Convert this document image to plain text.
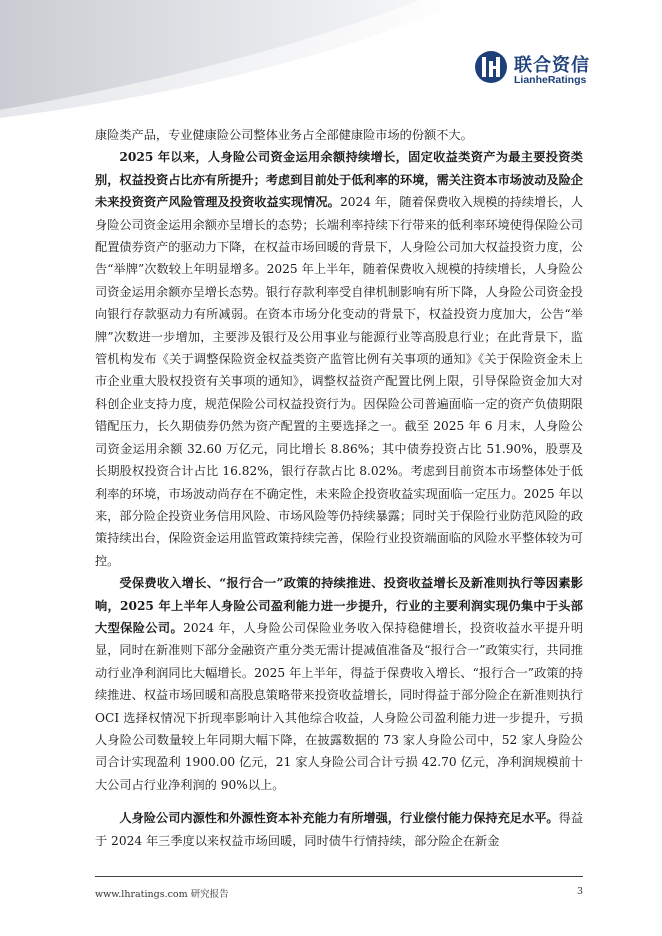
联合资信
LianheRatings

康险类产品，专业健康险公司整体业务占全部健康险市场的份额不大。

2025 年以来，人身险公司资金运用余额持续增长，固定收益类资产为最主要投资类别，权益投资占比亦有所提升；考虑到目前处于低利率的环境，需关注资本市场波动及险企未来投资资产风险管理及投资收益实现情况。2024 年，随着保费收入规模的持续增长，人身险公司资金运用余额亦呈增长的态势；长端利率持续下行带来的低利率环境使得保险公司配置债券资产的驱动力下降，在权益市场回暖的背景下，人身险公司加大权益投资力度，公告“举牌”次数较上年明显增多。2025 年上半年，随着保费收入规模的持续增长，人身险公司资金运用余额亦呈增长态势。银行存款利率受自律机制影响有所下降，人身险公司资金投向银行存款驱动力有所减弱。在资本市场分化变动的背景下，权益投资力度加大，公告“举牌”次数进一步增加，主要涉及银行及公用事业与能源行业等高股息行业；在此背景下，监管机构发布《关于调整保险资金权益类资产监管比例有关事项的通知》《关于保险资金未上市企业重大股权投资有关事项的通知》，调整权益资产配置比例上限，引导保险资金加大对科创企业支持力度，规范保险公司权益投资行为。因保险公司普遍面临一定的资产负债期限错配压力，长久期债券仍然为资产配置的主要选择之一。截至 2025 年 6 月末，人身险公司资金运用余额 32.60 万亿元，同比增长 8.86%；其中债券投资占比 51.90%，股票及长期股权投资合计占比 16.82%，银行存款占比 8.02%。考虑到目前资本市场整体处于低利率的环境，市场波动尚存在不确定性，未来险企投资收益实现面临一定压力。2025 年以来，部分险企投资业务信用风险、市场风险等仍持续暴露；同时关于保险行业防范风险的政策持续出台，保险资金运用监管政策持续完善，保险行业投资端面临的风险水平整体较为可控。

受保费收入增长、“报行合一”政策的持续推进、投资收益增长及新准则执行等因素影响，2025 年上半年人身险公司盈利能力进一步提升，行业的主要利润实现仍集中于头部大型保险公司。2024 年，人身险公司保险业务收入保持稳健增长，投资收益水平提升明显，同时在新准则下部分金融资产重分类无需计提减值准备及“报行合一”政策实行，共同推动行业净利润同比大幅增长。2025 年上半年，得益于保费收入增长、“报行合一”政策的持续推进、权益市场回暖和高股息策略带来投资收益增长，同时得益于部分险企在新准则执行 OCI 选择权情况下折现率影响计入其他综合收益，人身险公司盈利能力进一步提升，亏损人身险公司数量较上年同期大幅下降，在披露数据的 73 家人身险公司中，52 家人身险公司合计实现盈利 1900.00 亿元，21 家人身险公司合计亏损 42.70 亿元，净利润规模前十大公司占行业净利润的 90%以上。

人身险公司内源性和外源性资本补充能力有所增强，行业偿付能力保持充足水平。得益于 2024 年三季度以来权益市场回暖，同时债牛行情持续，部分险企在新金

www.lhratings.com 研究报告	3
